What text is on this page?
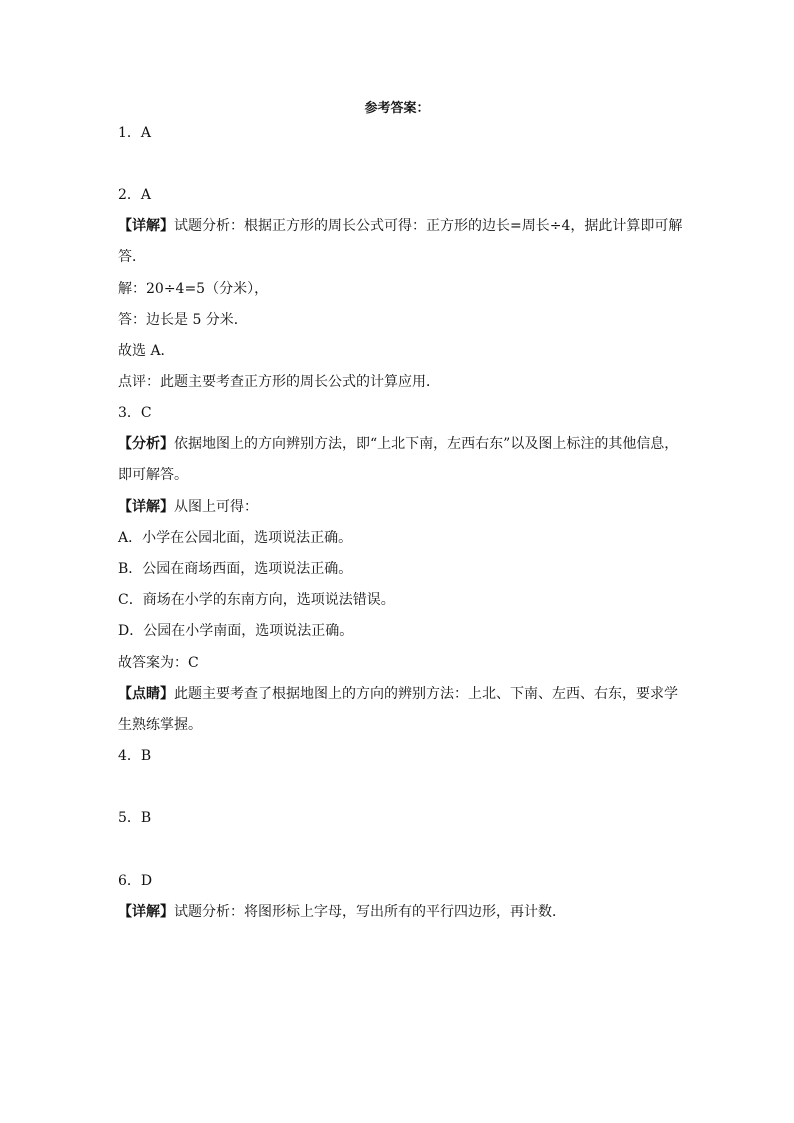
参考答案：
1．A
2．A
【详解】试题分析：根据正方形的周长公式可得：正方形的边长=周长÷4，据此计算即可解
答．
解：20÷4=5（分米），
答：边长是 5 分米．
故选 A．
点评：此题主要考查正方形的周长公式的计算应用．
3．C
【分析】依据地图上的方向辨别方法，即“上北下南，左西右东”以及图上标注的其他信息，
即可解答。
【详解】从图上可得：
A．小学在公园北面，选项说法正确。
B．公园在商场西面，选项说法正确。
C．商场在小学的东南方向，选项说法错误。
D．公园在小学南面，选项说法正确。
故答案为：C
【点睛】此题主要考查了根据地图上的方向的辨别方法：上北、下南、左西、右东，要求学
生熟练掌握。
4．B
5．B
6．D
【详解】试题分析：将图形标上字母，写出所有的平行四边形，再计数．
